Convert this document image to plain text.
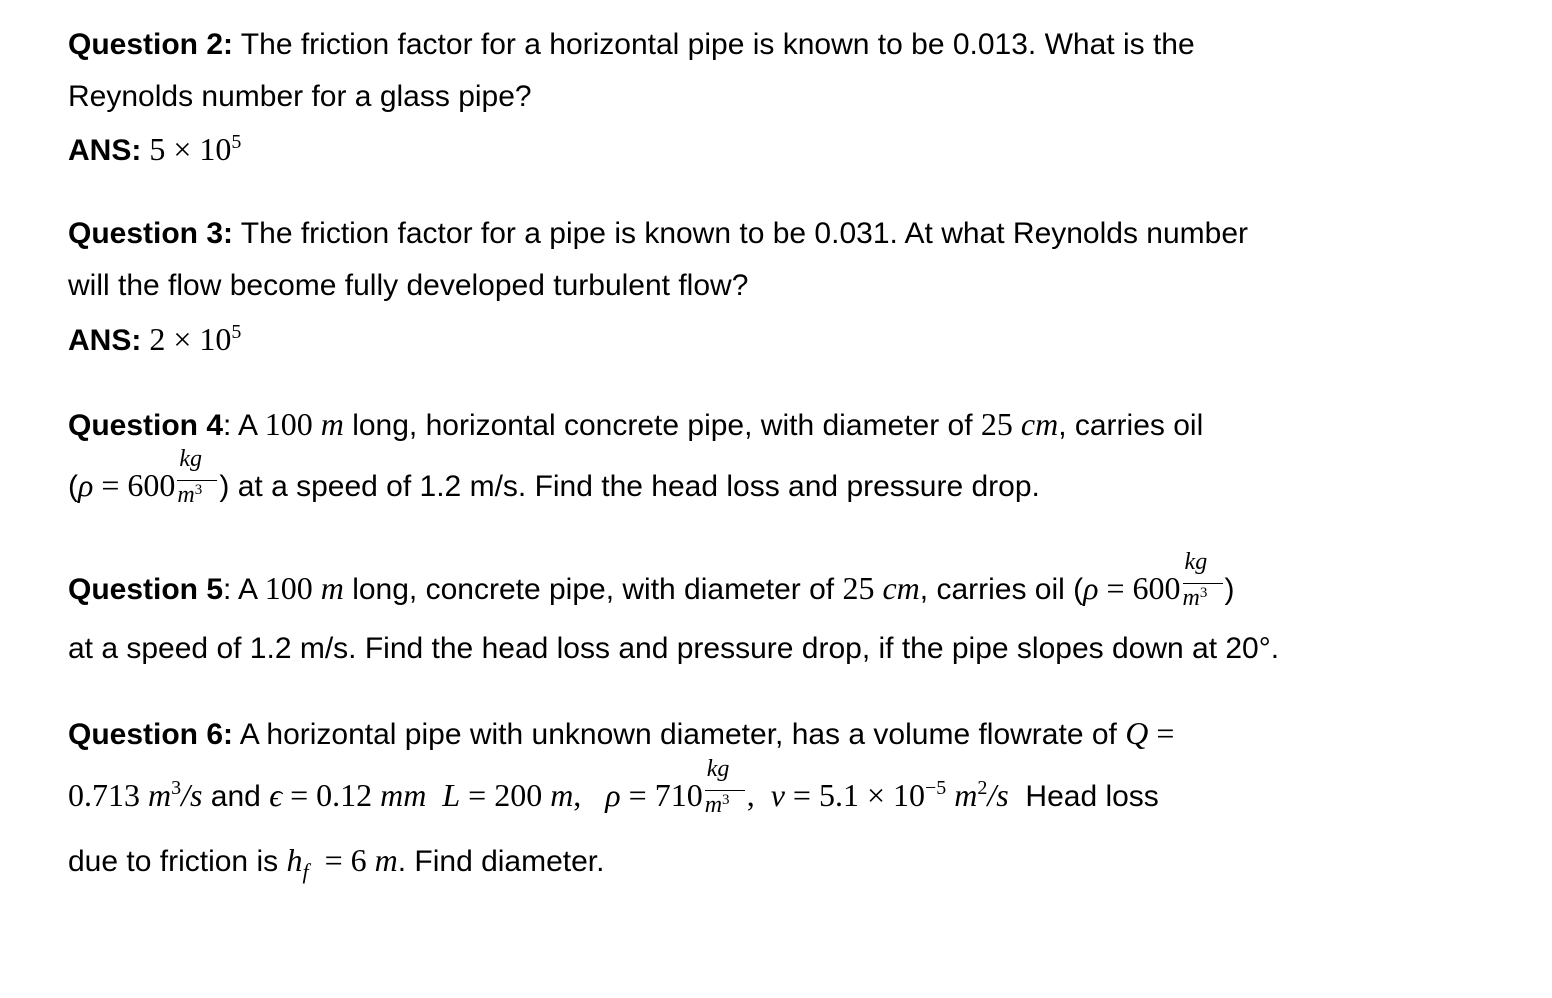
Question 2: The friction factor for a horizontal pipe is known to be 0.013. What is the
Reynolds number for a glass pipe?
ANS: $5 \times 10^5$
Question 3: The friction factor for a pipe is known to be 0.031. At what Reynolds number
will the flow become fully developed turbulent flow?
ANS: $2 \times 10^5$
Question 4: A 100 m long, horizontal concrete pipe, with diameter of 25 cm, carries oil
($\rho = 600 \frac{kg}{m^3}$ ) at a speed of 1.2 m/s. Find the head loss and pressure drop.
Question 5: A 100 m long, concrete pipe, with diameter of 25 cm, carries oil ($\rho = 600 \frac{kg}{m^3}$ )
at a speed of 1.2 m/s. Find the head loss and pressure drop, if the pipe slopes down at 20°.
Question 6: A horizontal pipe with unknown diameter, has a volume flowrate of Q =
0.713 $m^3/s$ and ϵ = 0.12 mm  L = 200 m,   $\rho = 710 \frac{kg}{m^3}$ ,  $\nu = 5.1 \times 10^{-5}$ $m^2/s$  Head loss
due to friction is $h_f = 6$ m. Find diameter.
